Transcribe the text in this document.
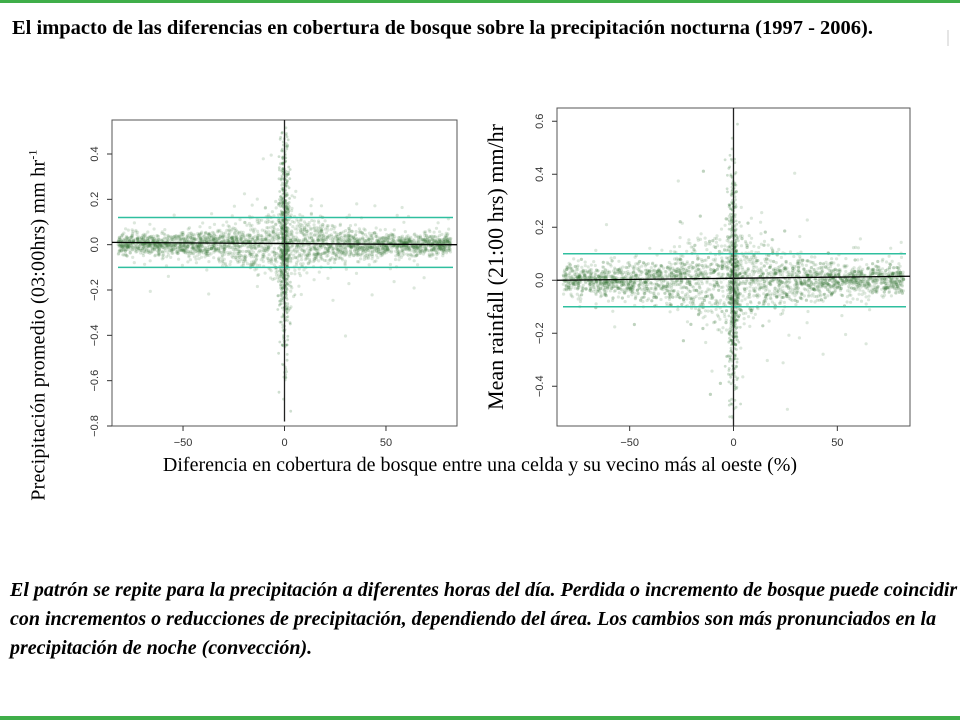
El impacto de las diferencias en cobertura de bosque sobre la precipitación nocturna (1997 - 2006).
−50	0	50
0.4
0.2
0.0
−0.2
−0.4
−0.6
−0.8
−50	0	50
0.6
0.4
0.2
0.0
−0.2
−0.4
Precipitación promedio (03:00hrs) mm $hr^{-1}$	Mean rainfall (21:00 hrs) mm/hr

Diferencia en cobertura de bosque entre una celda y su vecino más al oeste (%)

El patrón se repite para la precipitación a diferentes horas del día. Perdida o incremento de bosque puede coincidir con incrementos o reducciones de precipitación, dependiendo del área. Los cambios son más pronunciados en la precipitación de noche (convección).
